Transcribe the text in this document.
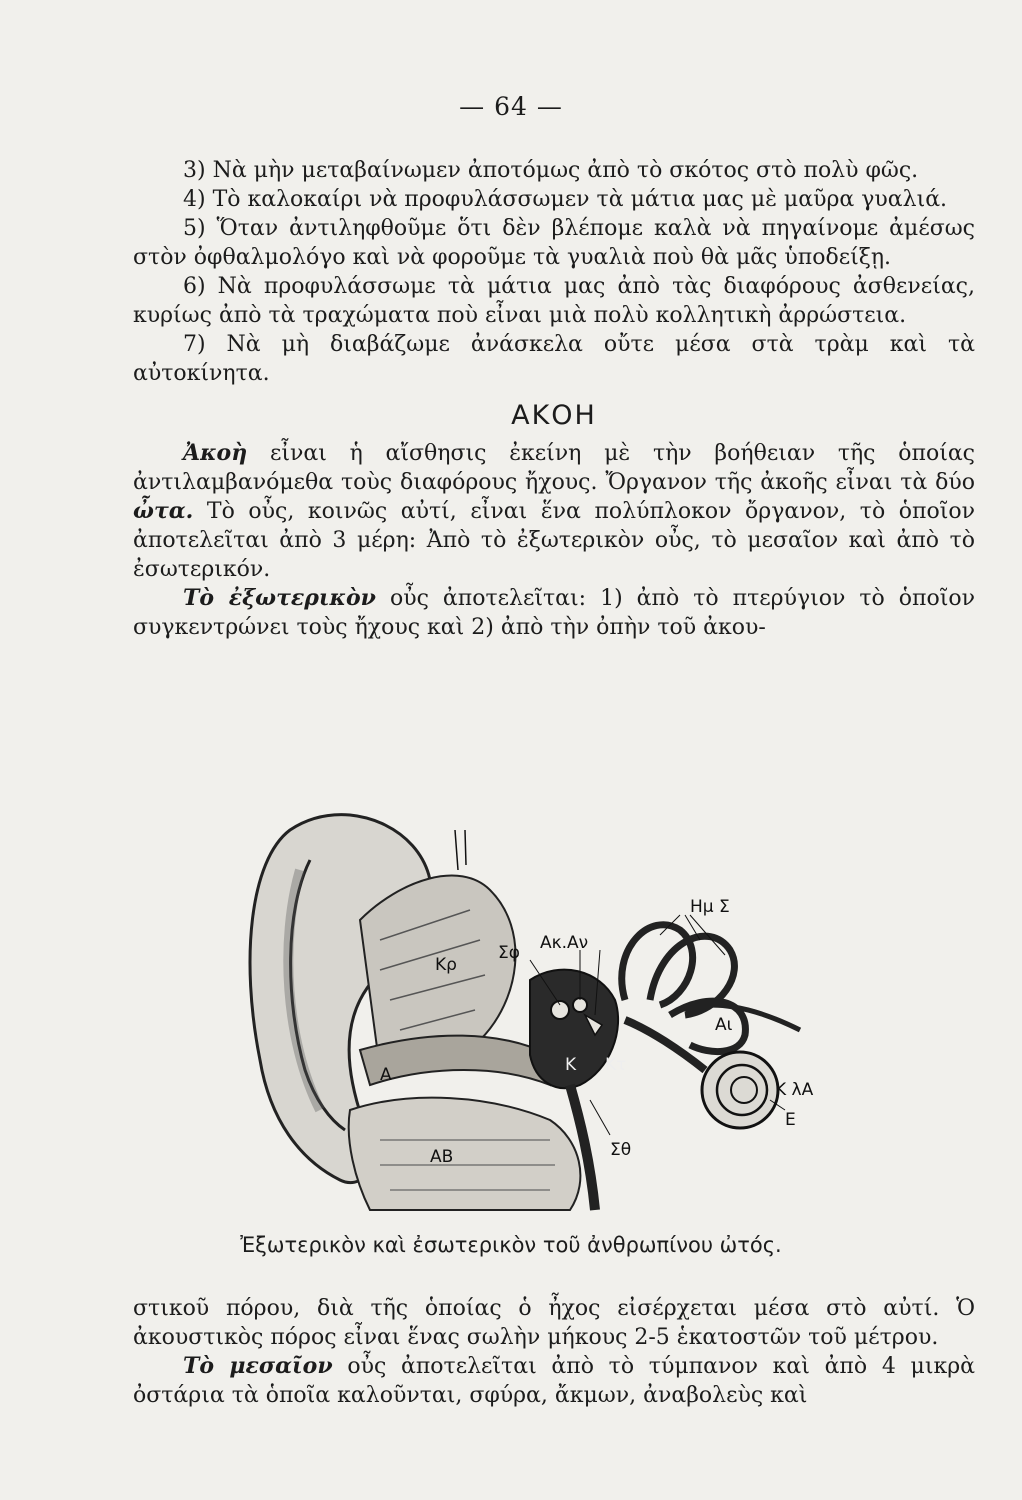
— 64 —

3) Νὰ μὴν μεταβαίνωμεν ἀποτόμως ἀπὸ τὸ σκότος στὸ πολὺ φῶς.

4) Τὸ καλοκαίρι νὰ προφυλάσσωμεν τὰ μάτια μας μὲ μαῦρα γυαλιά.

5) Ὅταν ἀντιληφθοῦμε ὅτι δὲν βλέπομε καλὰ νὰ πηγαίνομε ἀμέσως στὸν ὀφθαλμολόγο καὶ νὰ φοροῦμε τὰ γυαλιὰ ποὺ θὰ μᾶς ὑποδείξῃ.

6) Νὰ προφυλάσσωμε τὰ μάτια μας ἀπὸ τὰς διαφόρους ἀσθενείας, κυρίως ἀπὸ τὰ τραχώματα ποὺ εἶναι μιὰ πολὺ κολλητικὴ ἀρρώστεια.

7) Νὰ μὴ διαβάζωμε ἀνάσκελα οὔτε μέσα στὰ τρὰμ καὶ τὰ αὐτοκίνητα.

ΑΚΟΗ

Ἀκοὴ εἶναι ἡ αἴσθησις ἐκείνη μὲ τὴν βοήθειαν τῆς ὁποίας ἀντιλαμβανόμεθα τοὺς διαφόρους ἤχους. Ὄργανον τῆς ἀκοῆς εἶναι τὰ δύο ὦτα. Τὸ οὖς, κοινῶς αὐτί, εἶναι ἕνα πολύπλοκον ὄργανον, τὸ ὁποῖον ἀποτελεῖται ἀπὸ 3 μέρη: Ἀπὸ τὸ ἐξωτερικὸν οὖς, τὸ μεσαῖον καὶ ἀπὸ τὸ ἐσωτερικόν.

Τὸ ἐξωτερικὸν οὖς ἀποτελεῖται: 1) ἀπὸ τὸ πτερύγιον τὸ ὁποῖον συγκεντρώνει τοὺς ἤχους καὶ 2) ἀπὸ τὴν ὀπὴν τοῦ ἀκου-

Κρ
Α
ΑΒ
Σφ Ακ.Αν
Ημ Σ
Αι
Κ λΑ
Ε
Σθ
Κτ
Κ
Ἐξωτερικὸν καὶ ἐσωτερικὸν τοῦ ἀνθρωπίνου ὠτός.

στικοῦ πόρου, διὰ τῆς ὁποίας ὁ ἦχος εἰσέρχεται μέσα στὸ αὐτί. Ὁ ἀκουστικὸς πόρος εἶναι ἕνας σωλὴν μήκους 2-5 ἑκατοστῶν τοῦ μέτρου.

Τὸ μεσαῖον οὖς ἀποτελεῖται ἀπὸ τὸ τύμπανον καὶ ἀπὸ 4 μικρὰ ὀστάρια τὰ ὁποῖα καλοῦνται, σφύρα, ἄκμων, ἀναβολεὺς καὶ
